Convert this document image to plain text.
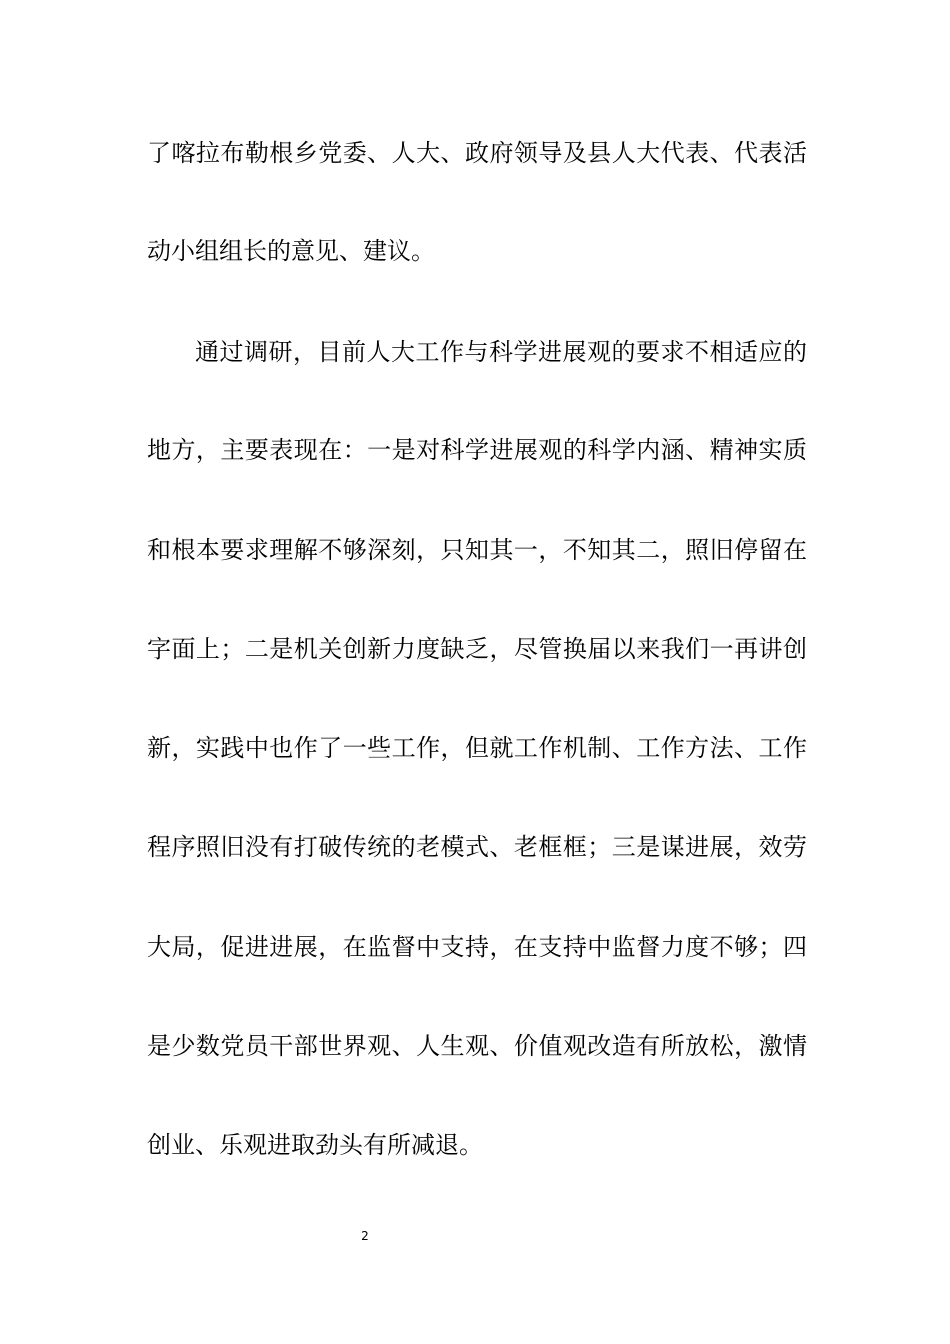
了喀拉布勒根乡党委、人大、政府领导及县人大代表、代表活
动小组组长的意见、建议。
通过调研，目前人大工作与科学进展观的要求不相适应的
地方，主要表现在：一是对科学进展观的科学内涵、精神实质
和根本要求理解不够深刻，只知其一，不知其二，照旧停留在
字面上；二是机关创新力度缺乏，尽管换届以来我们一再讲创
新，实践中也作了一些工作，但就工作机制、工作方法、工作
程序照旧没有打破传统的老模式、老框框；三是谋进展，效劳
大局，促进进展，在监督中支持，在支持中监督力度不够；四
是少数党员干部世界观、人生观、价值观改造有所放松，激情
创业、乐观进取劲头有所减退。
2
